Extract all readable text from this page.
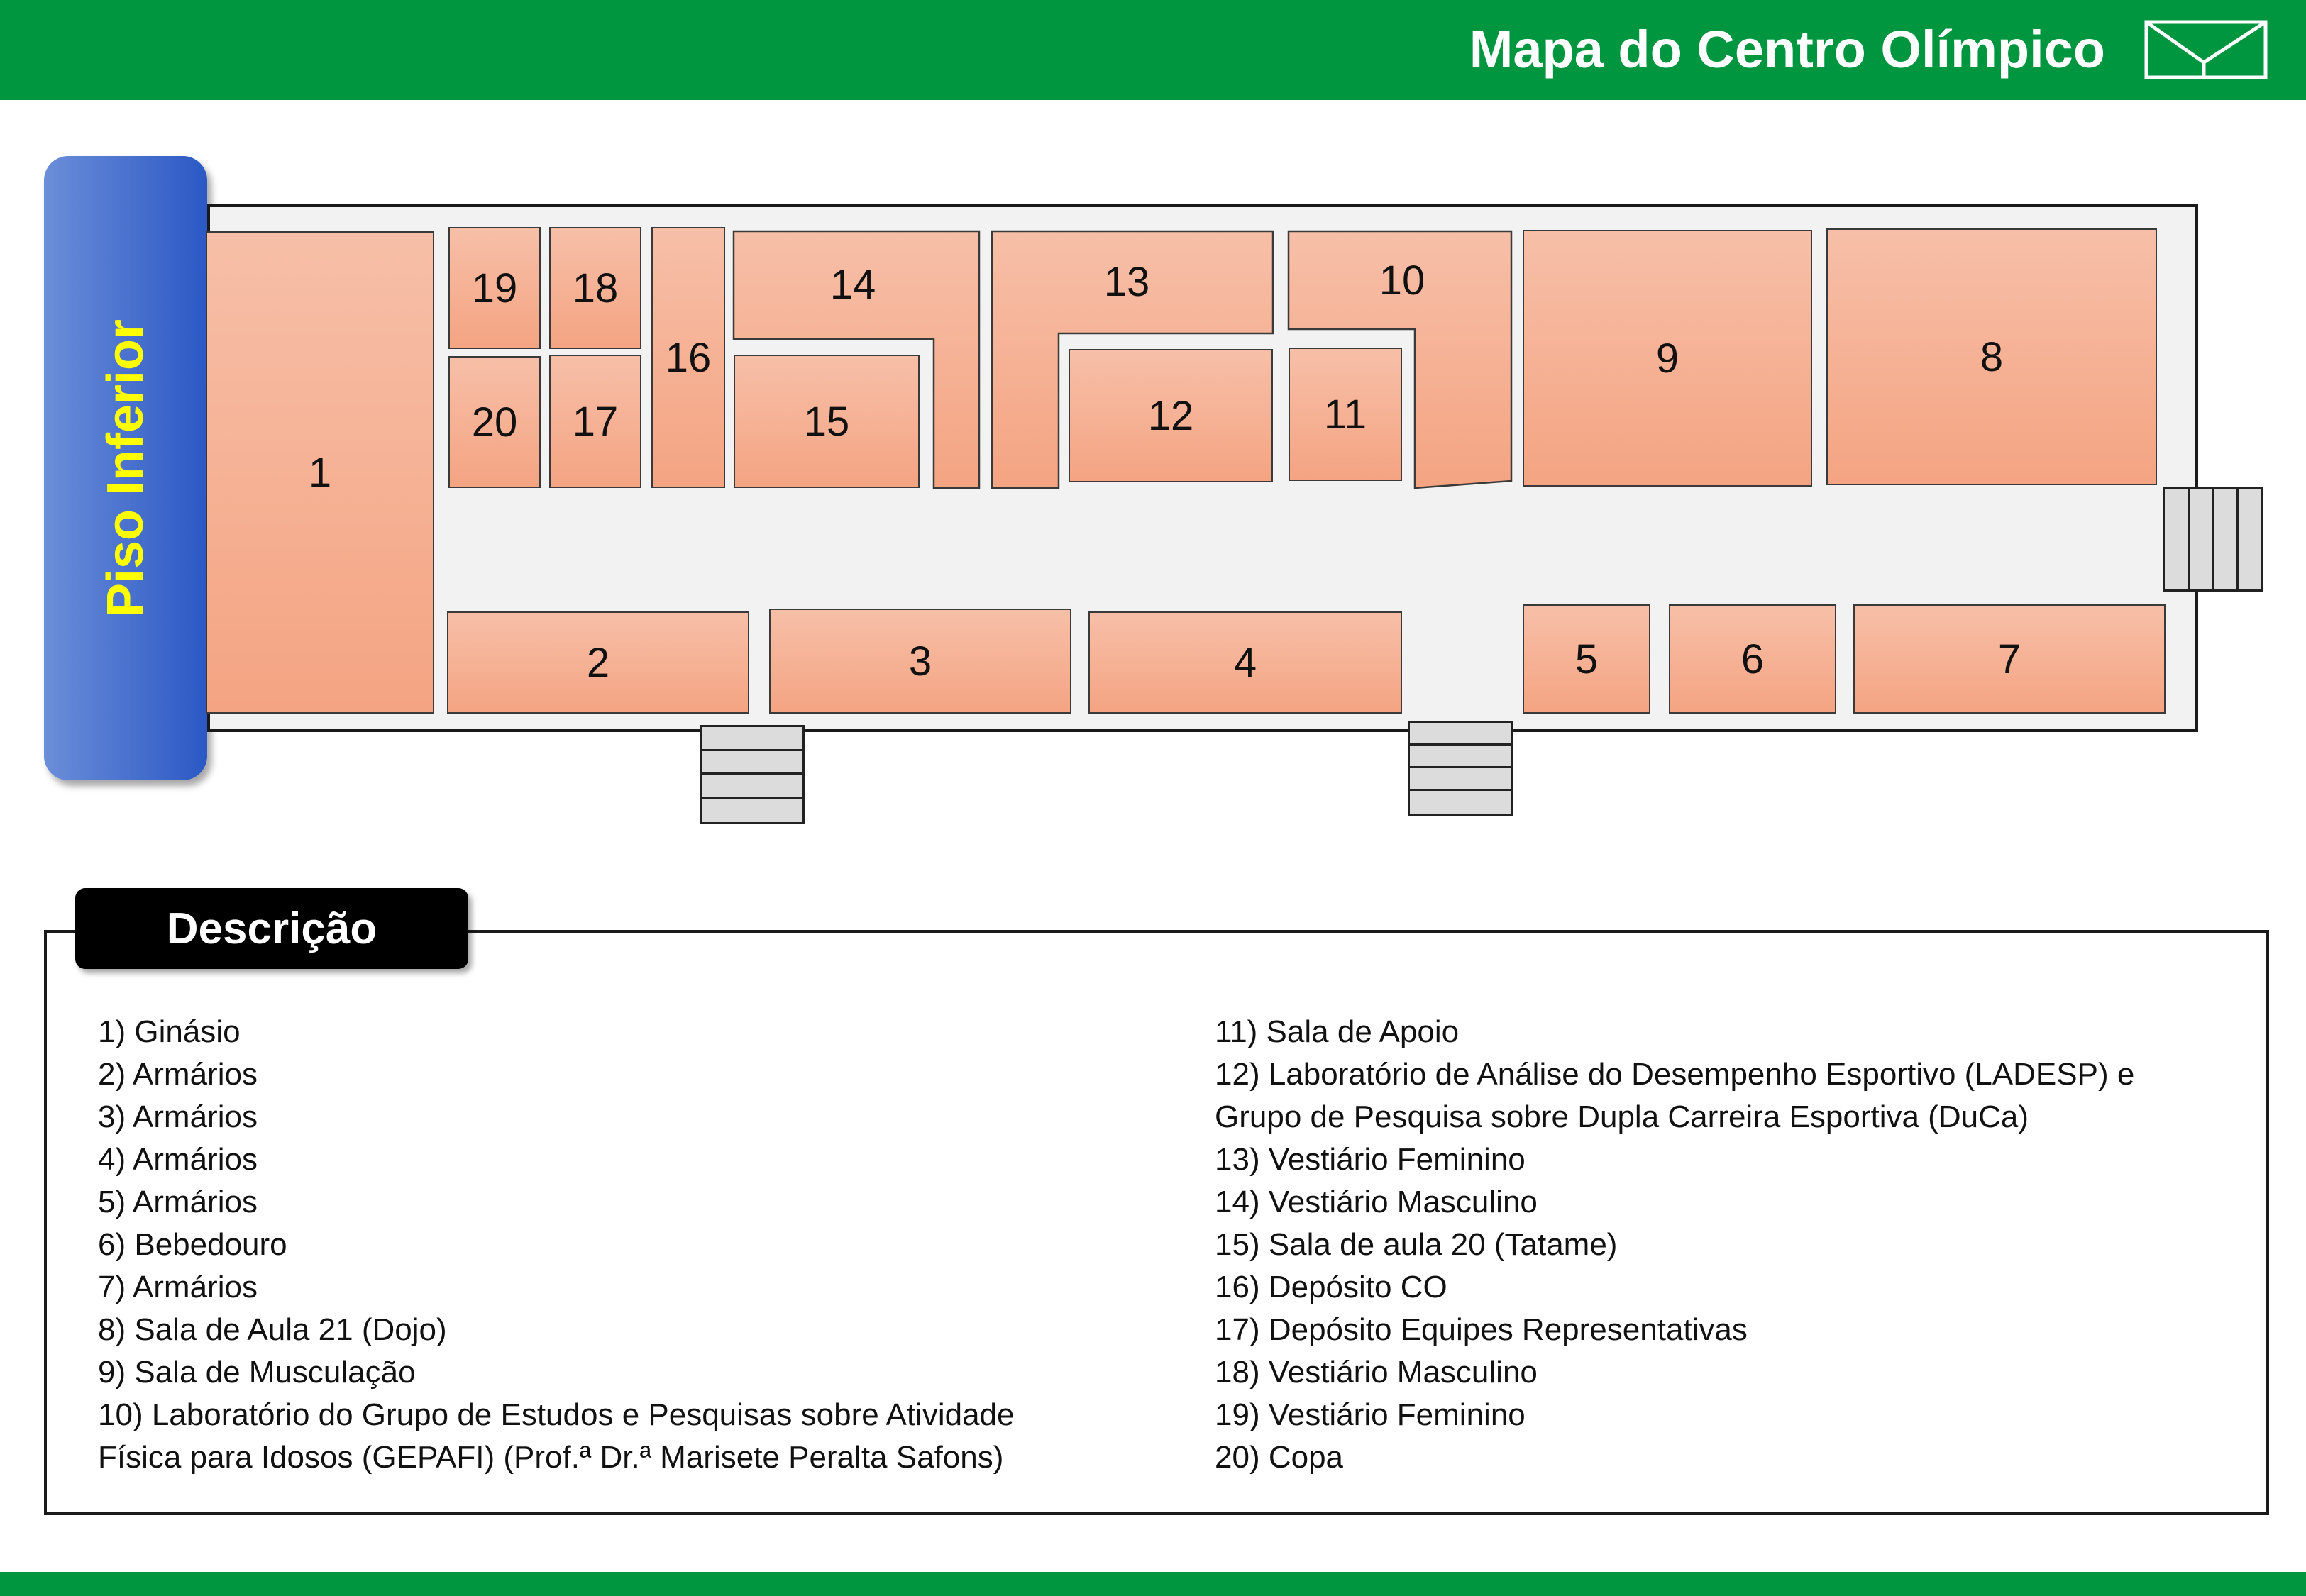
Mapa do Centro Olímpico
Piso Inferior	1
2	3	4	5	6	7
8
9
11
12
15
16
17
18
19
20
14	13	10
Descrição
1) Ginásio
2) Armários
3) Armários
4) Armários
5) Armários
6) Bebedouro
7) Armários
8) Sala de Aula 21 (Dojo)
9) Sala de Musculação
10) Laboratório do Grupo de Estudos e Pesquisas sobre Atividade
Física para Idosos (GEPAFI) (Prof.ª Dr.ª Marisete Peralta Safons)
11) Sala de Apoio
12) Laboratório de Análise do Desempenho Esportivo (LADESP) e
Grupo de Pesquisa sobre Dupla Carreira Esportiva (DuCa)
13) Vestiário Feminino
14) Vestiário Masculino
15) Sala de aula 20 (Tatame)
16) Depósito CO
17) Depósito Equipes Representativas
18) Vestiário Masculino
19) Vestiário Feminino
20) Copa
